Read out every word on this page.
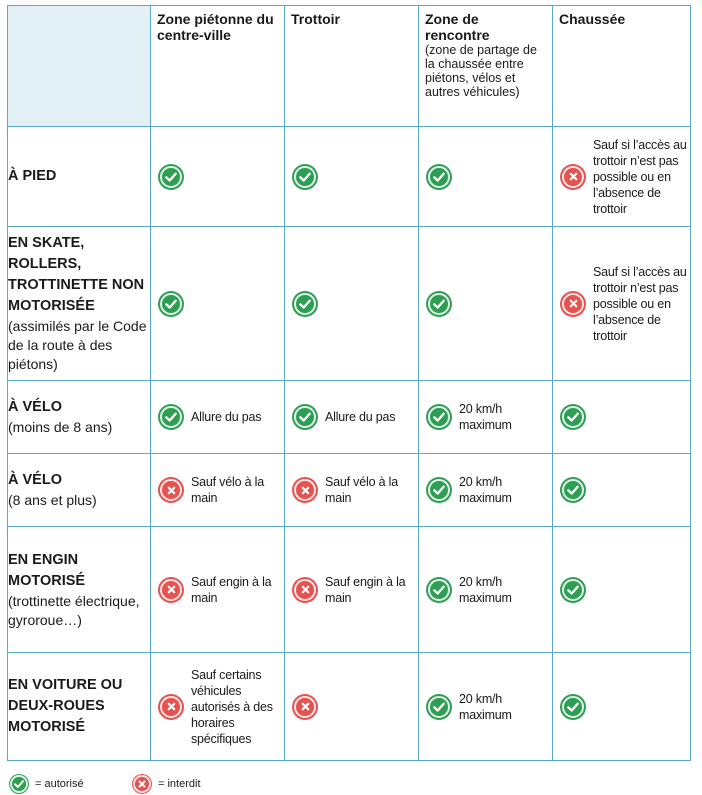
	Zone piétonne du centre-ville	Trottoir	Zone de rencontre
(zone de partage de la chaussée entre piétons, vélos et autres véhicules)	Chaussée

À PIED				Sauf si l’accès au trottoir n’est pas possible ou en l’absence de trottoir

EN SKATE, ROLLERS, TROTTINETTE NON MOTORISÉE
(assimilés par le Code de la route à des piétons)				Sauf si l’accès au trottoir n’est pas possible ou en l’absence de trottoir

À VÉLO
(moins de 8 ans)	Allure du pas	Allure du pas	20 km/h maximum

À VÉLO
(8 ans et plus)	Sauf vélo à la main	Sauf vélo à la main	20 km/h maximum

EN ENGIN MOTORISÉ
(trottinette électrique, gyroroue…)	Sauf engin à la main	Sauf engin à la main	20 km/h maximum

EN VOITURE OU DEUX-ROUES MOTORISÉ	Sauf certains véhicules autorisés à des horaires spécifiques		20 km/h maximum

= autorisé	= interdit
